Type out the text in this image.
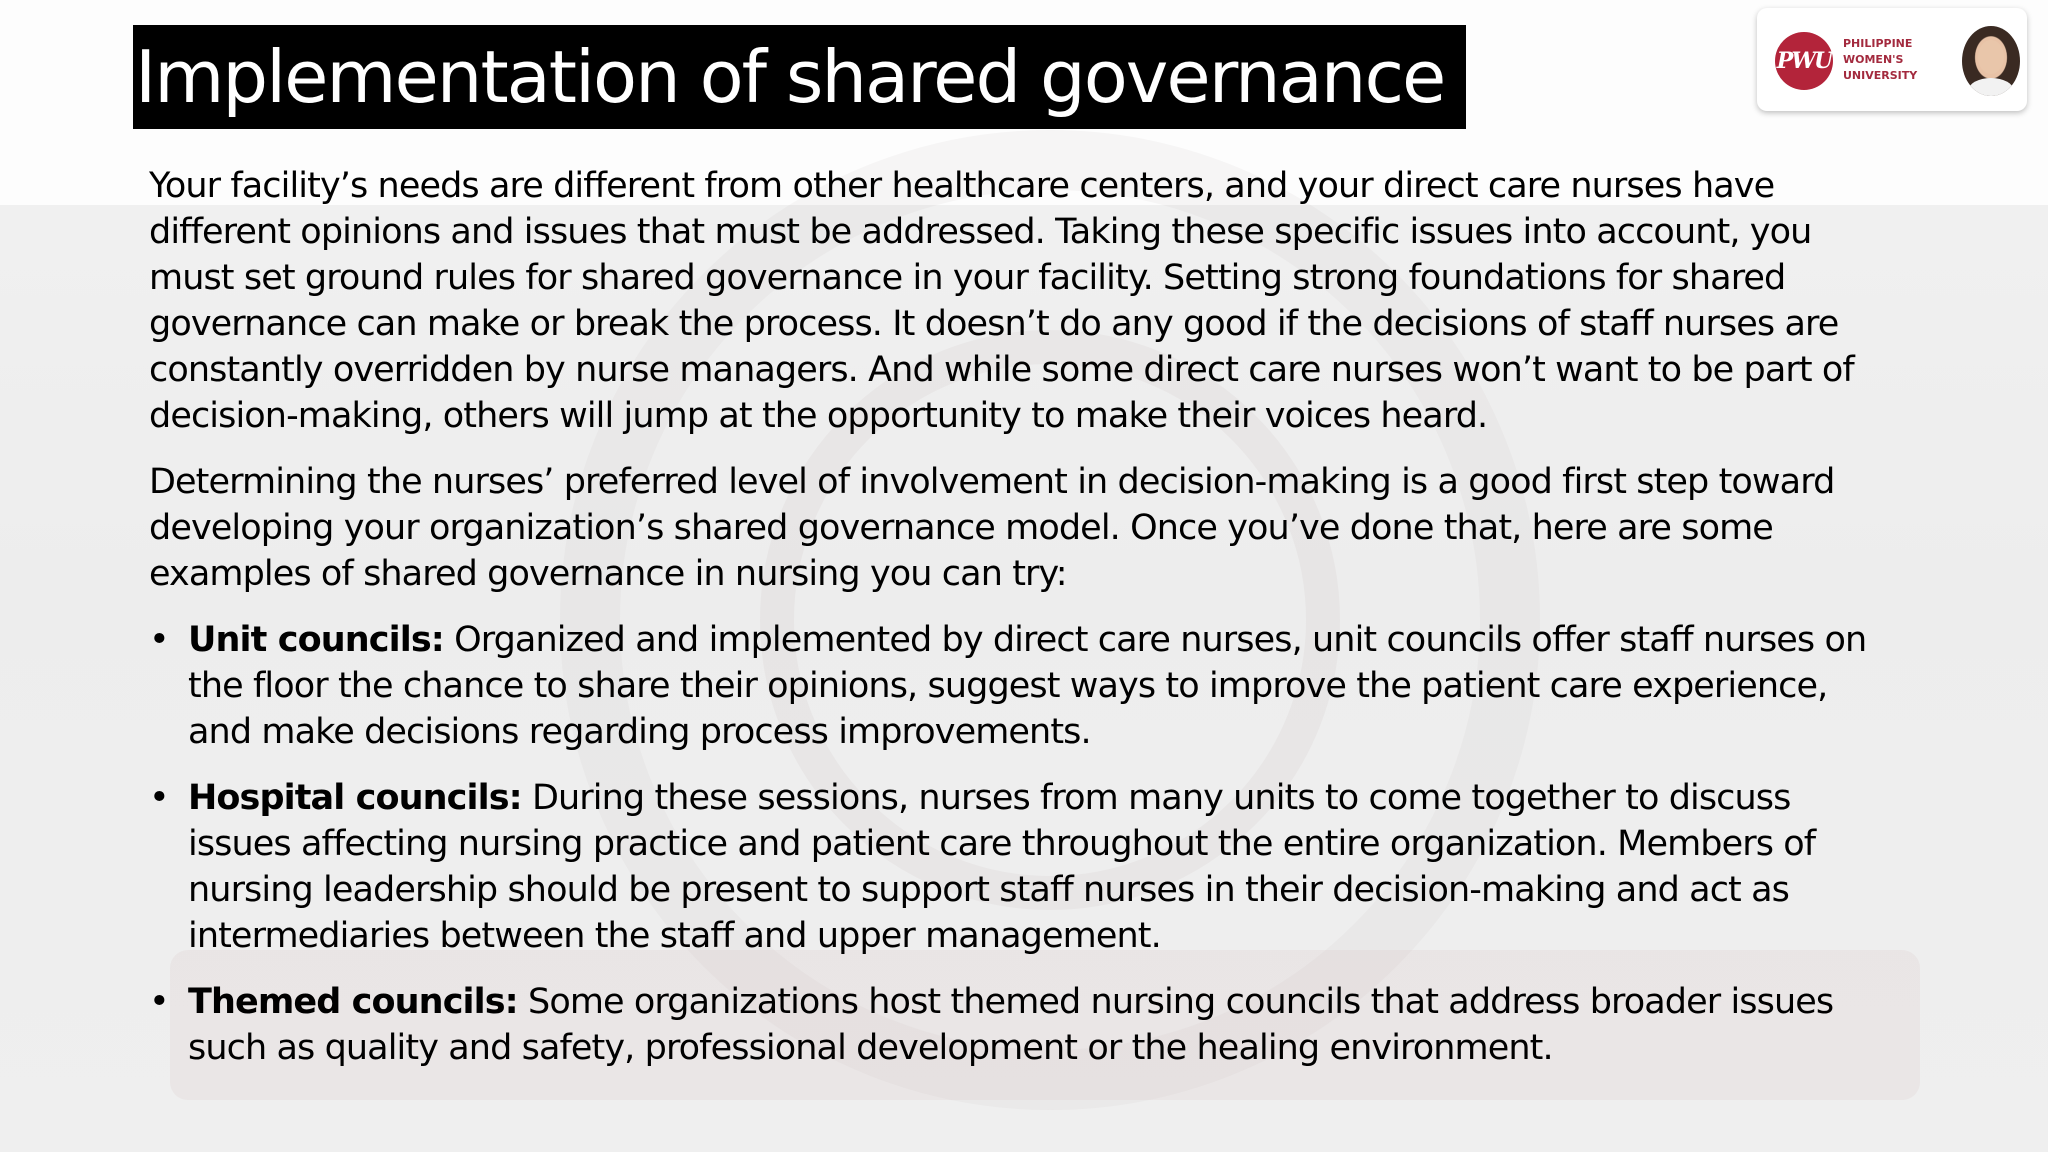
Implementation of shared governance	PWU
PHILIPPINE
WOMEN'S
UNIVERSITY

Your facility’s needs are different from other healthcare centers, and your direct care nurses have different opinions and issues that must be addressed. Taking these specific issues into account, you must set ground rules for shared governance in your facility. Setting strong foundations for shared governance can make or break the process. It doesn’t do any good if the decisions of staff nurses are constantly overridden by nurse managers. And while some direct care nurses won’t want to be part of decision-making, others will jump at the opportunity to make their voices heard.

Determining the nurses’ preferred level of involvement in decision-making is a good first step toward developing your organization’s shared governance model. Once you’ve done that, here are some examples of shared governance in nursing you can try:

• Unit councils: Organized and implemented by direct care nurses, unit councils offer staff nurses on the floor the chance to share their opinions, suggest ways to improve the patient care experience, and make decisions regarding process improvements.
• Hospital councils: During these sessions, nurses from many units to come together to discuss issues affecting nursing practice and patient care throughout the entire organization. Members of nursing leadership should be present to support staff nurses in their decision-making and act as intermediaries between the staff and upper management.
• Themed councils: Some organizations host themed nursing councils that address broader issues such as quality and safety, professional development or the healing environment.
